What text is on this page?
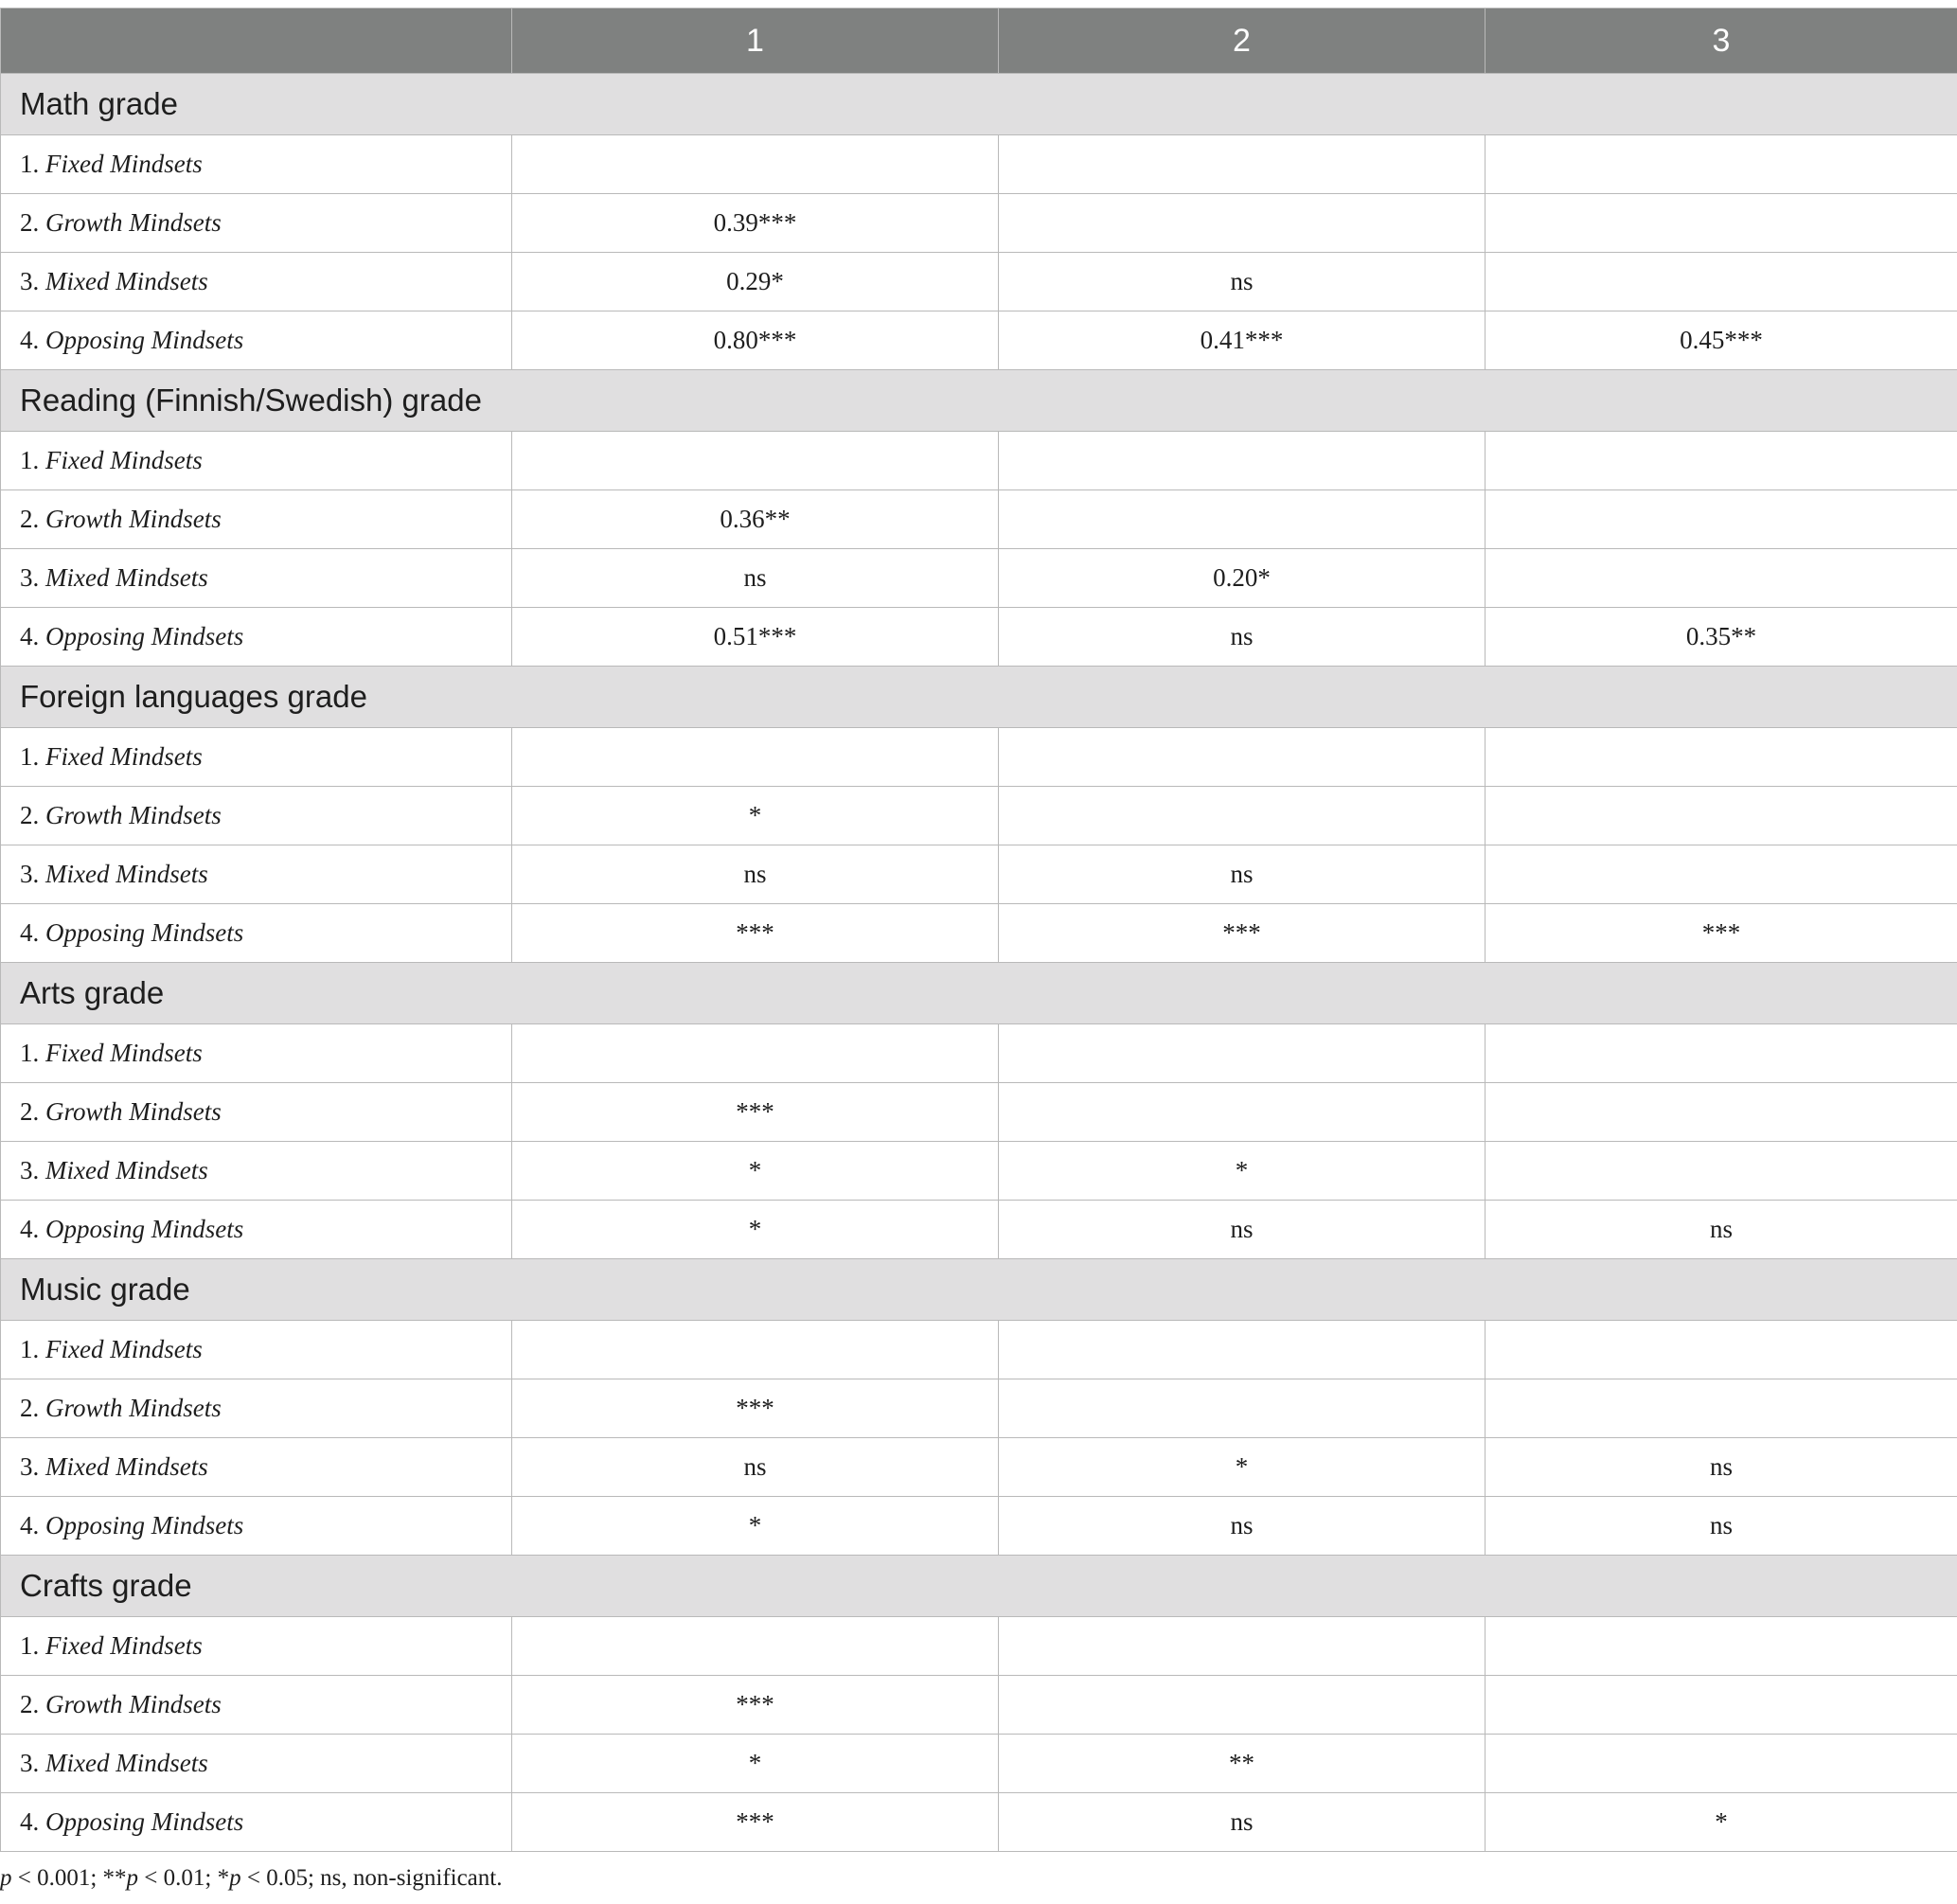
	1	2	3
Math grade			
1. Fixed Mindsets			
2. Growth Mindsets	0.39***		
3. Mixed Mindsets	0.29*	ns	
4. Opposing Mindsets	0.80***	0.41***	0.45***
Reading (Finnish/Swedish) grade			
1. Fixed Mindsets			
2. Growth Mindsets	0.36**		
3. Mixed Mindsets	ns	0.20*	
4. Opposing Mindsets	0.51***	ns	0.35**
Foreign languages grade			
1. Fixed Mindsets			
2. Growth Mindsets	*		
3. Mixed Mindsets	ns	ns	
4. Opposing Mindsets	***	***	***
Arts grade			
1. Fixed Mindsets			
2. Growth Mindsets	***		
3. Mixed Mindsets	*	*	
4. Opposing Mindsets	*	ns	ns
Music grade			
1. Fixed Mindsets			
2. Growth Mindsets	***		
3. Mixed Mindsets	ns	*	ns
4. Opposing Mindsets	*	ns	ns
Crafts grade			
1. Fixed Mindsets			
2. Growth Mindsets	***		
3. Mixed Mindsets	*	**	
4. Opposing Mindsets	***	ns	*
p < 0.001; **p < 0.01; *p < 0.05; ns, non-significant.
